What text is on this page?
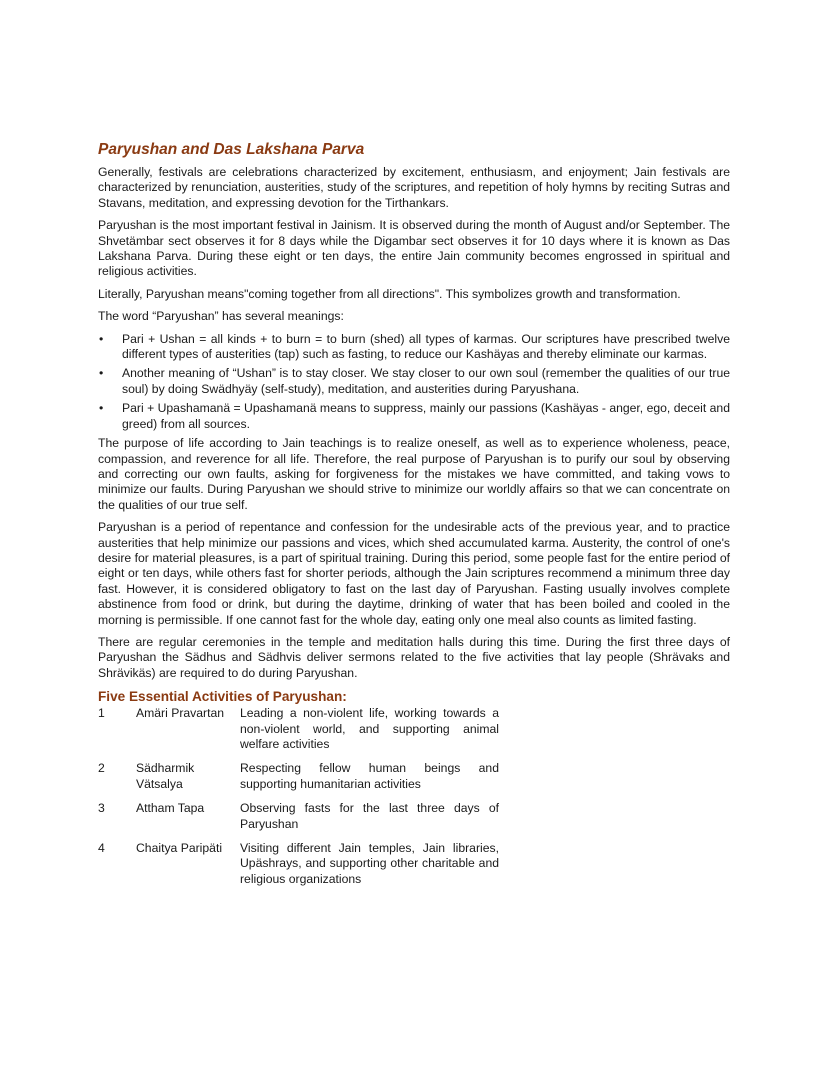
Paryushan and Das Lakshana Parva

Generally, festivals are celebrations characterized by excitement, enthusiasm, and enjoyment; Jain festivals are characterized by renunciation, austerities, study of the scriptures, and repetition of holy hymns by reciting Sutras and Stavans, meditation, and expressing devotion for the Tirthankars.

Paryushan is the most important festival in Jainism. It is observed during the month of August and/or September. The Shvetämbar sect observes it for 8 days while the Digambar sect observes it for 10 days where it is known as Das Lakshana Parva. During these eight or ten days, the entire Jain community becomes engrossed in spiritual and religious activities.

Literally, Paryushan means"coming together from all directions". This symbolizes growth and transformation.

The word “Paryushan” has several meanings:

• Pari + Ushan = all kinds + to burn = to burn (shed) all types of karmas. Our scriptures have prescribed twelve different types of austerities (tap) such as fasting, to reduce our Kashäyas and thereby eliminate our karmas.
• Another meaning of “Ushan” is to stay closer. We stay closer to our own soul (remember the qualities of our true soul) by doing Swädhyäy (self-study), meditation, and austerities during Paryushana.
• Pari + Upashamanä = Upashamanä means to suppress, mainly our passions (Kashäyas - anger, ego, deceit and greed) from all sources.

The purpose of life according to Jain teachings is to realize oneself, as well as to experience wholeness, peace, compassion, and reverence for all life. Therefore, the real purpose of Paryushan is to purify our soul by observing and correcting our own faults, asking for forgiveness for the mistakes we have committed, and taking vows to minimize our faults. During Paryushan we should strive to minimize our worldly affairs so that we can concentrate on the qualities of our true self.

Paryushan is a period of repentance and confession for the undesirable acts of the previous year, and to practice austerities that help minimize our passions and vices, which shed accumulated karma. Austerity, the control of one's desire for material pleasures, is a part of spiritual training. During this period, some people fast for the entire period of eight or ten days, while others fast for shorter periods, although the Jain scriptures recommend a minimum three day fast. However, it is considered obligatory to fast on the last day of Paryushan. Fasting usually involves complete abstinence from food or drink, but during the daytime, drinking of water that has been boiled and cooled in the morning is permissible. If one cannot fast for the whole day, eating only one meal also counts as limited fasting.

There are regular ceremonies in the temple and meditation halls during this time. During the first three days of Paryushan the Sädhus and Sädhvis deliver sermons related to the five activities that lay people (Shrävaks and Shrävikäs) are required to do during Paryushan.

Five Essential Activities of Paryushan:
1	Amäri Pravartan	Leading a non-violent life, working towards a non-violent world, and supporting animal welfare activities
2	Sädharmik Vätsalya	Respecting fellow human beings and supporting humanitarian activities
3	Attham Tapa	Observing fasts for the last three days of Paryushan
4	Chaitya Paripäti	Visiting different Jain temples, Jain libraries, Upäshrays, and supporting other charitable and religious organizations
